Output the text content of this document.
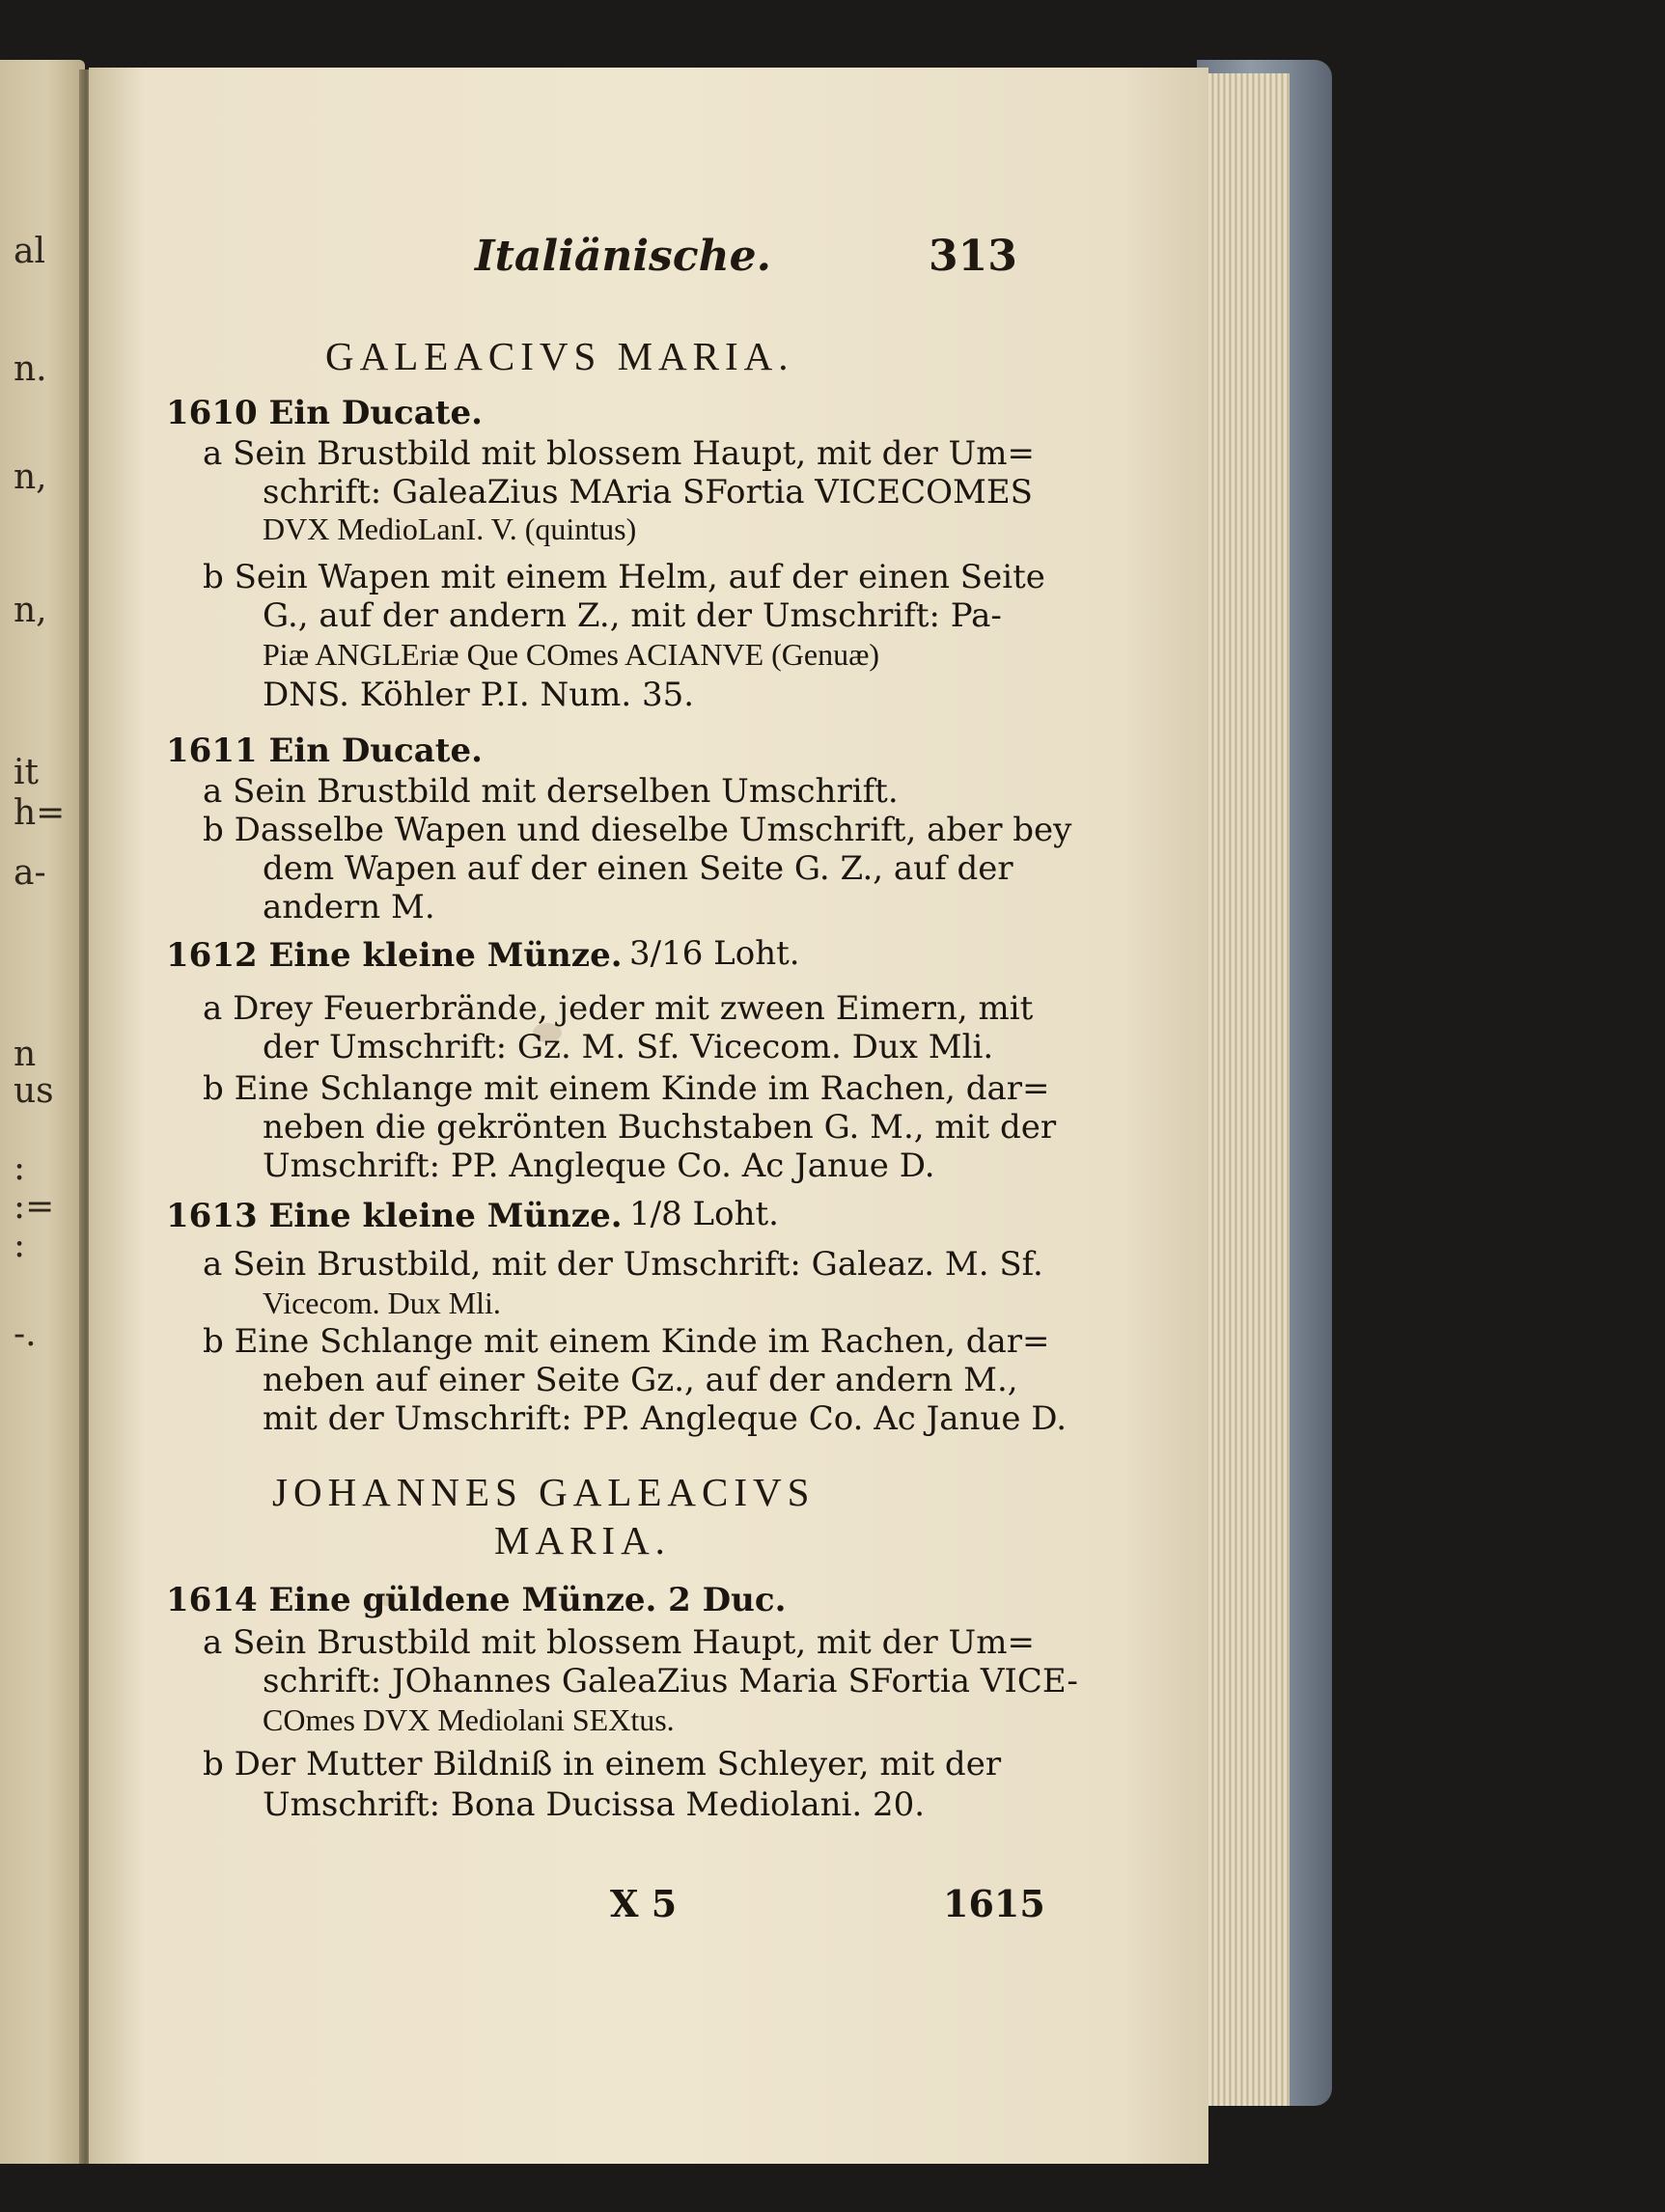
al
n.
n,
n,
it
h=
a-
n
us
:
:=
:
-.
Italiänische.	313
GALEACIVS MARIA.
1610 Ein Ducate.
a Sein Brustbild mit blossem Haupt, mit der Um=
schrift: GaleaZius MAria SFortia VICECOMES
DVX MedioLanI. V. (quintus)
b Sein Wapen mit einem Helm, auf der einen Seite
G., auf der andern Z., mit der Umschrift: Pa-
Piæ ANGLEriæ Que COmes ACIANVE (Genuæ)
DNS. Köhler P.I. Num. 35.
1611 Ein Ducate.
a Sein Brustbild mit derselben Umschrift.
b Dasselbe Wapen und dieselbe Umschrift, aber bey
dem Wapen auf der einen Seite G. Z., auf der
andern M.
1612 Eine kleine Münze. 3/16 Loht.
a Drey Feuerbrände, jeder mit zween Eimern, mit
der Umschrift: Gz. M. Sf. Vicecom. Dux Mli.
b Eine Schlange mit einem Kinde im Rachen, dar=
neben die gekrönten Buchstaben G. M., mit der
Umschrift: PP. Angleque Co. Ac Janue D.
1613 Eine kleine Münze. 1/8 Loht.
a Sein Brustbild, mit der Umschrift: Galeaz. M. Sf.
Vicecom. Dux Mli.
b Eine Schlange mit einem Kinde im Rachen, dar=
neben auf einer Seite Gz., auf der andern M.,
mit der Umschrift: PP. Angleque Co. Ac Janue D.
JOHANNES GALEACIVS
MARIA.
1614 Eine güldene Münze. 2 Duc.
a Sein Brustbild mit blossem Haupt, mit der Um=
schrift: JOhannes GaleaZius Maria SFortia VICE-
COmes DVX Mediolani SEXtus.
b Der Mutter Bildniß in einem Schleyer, mit der
Umschrift: Bona Ducissa Mediolani. 20.
X 5	1615
